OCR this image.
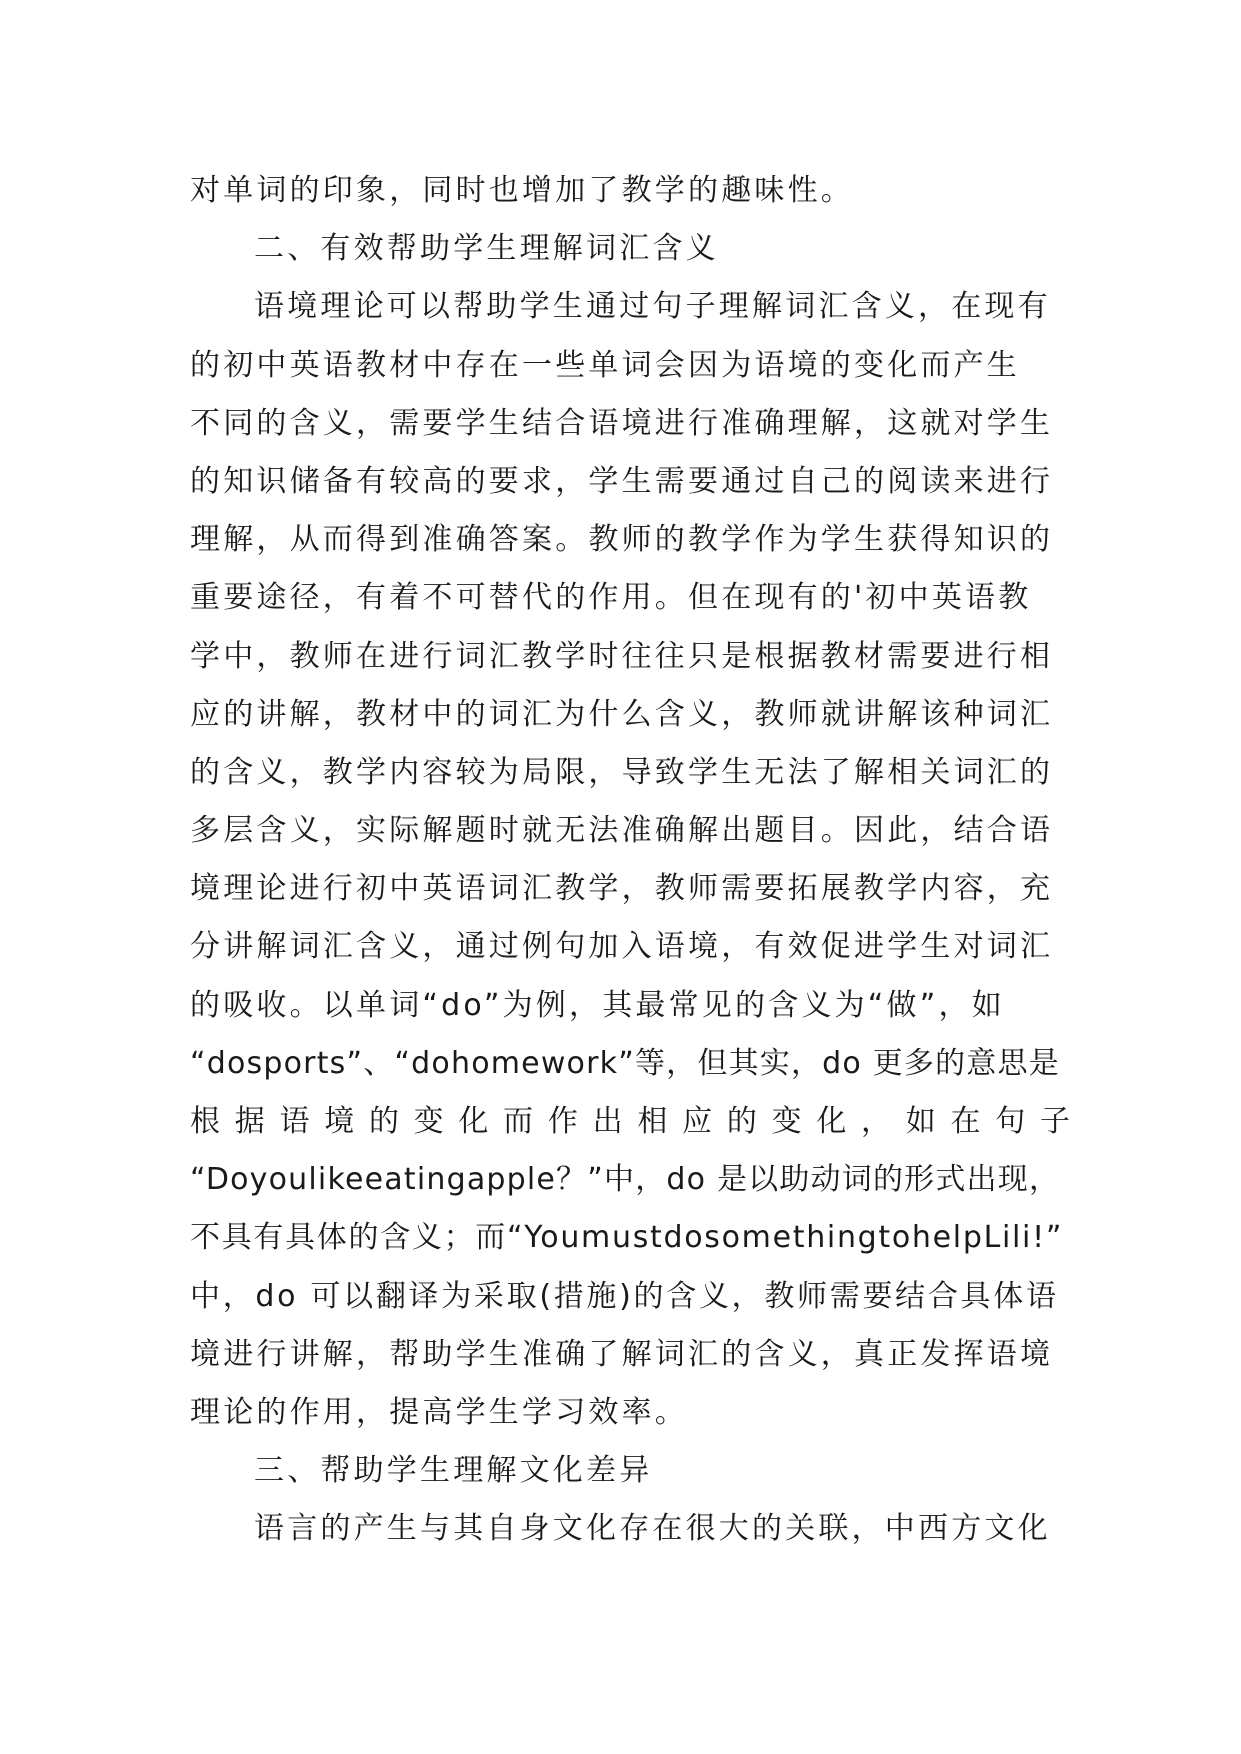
对单词的印象，同时也增加了教学的趣味性。
二、有效帮助学生理解词汇含义
语境理论可以帮助学生通过句子理解词汇含义，在现有
的初中英语教材中存在一些单词会因为语境的变化而产生
不同的含义，需要学生结合语境进行准确理解，这就对学生
的知识储备有较高的要求，学生需要通过自己的阅读来进行
理解，从而得到准确答案。教师的教学作为学生获得知识的
重要途径，有着不可替代的作用。但在现有的'初中英语教
学中，教师在进行词汇教学时往往只是根据教材需要进行相
应的讲解，教材中的词汇为什么含义，教师就讲解该种词汇
的含义，教学内容较为局限，导致学生无法了解相关词汇的
多层含义，实际解题时就无法准确解出题目。因此，结合语
境理论进行初中英语词汇教学，教师需要拓展教学内容，充
分讲解词汇含义，通过例句加入语境，有效促进学生对词汇
的吸收。以单词“do”为例，其最常见的含义为“做”，如
“dosports”、“dohomework”等，但其实，do 更多的意思是
根据语境的变化而作出相应的变化，如在句子
“Doyoulikeeatingapple？”中，do 是以助动词的形式出现，
不具有具体的含义；而“YoumustdosomethingtohelpLili!”
中，do 可以翻译为采取(措施)的含义，教师需要结合具体语
境进行讲解，帮助学生准确了解词汇的含义，真正发挥语境
理论的作用，提高学生学习效率。
三、帮助学生理解文化差异
语言的产生与其自身文化存在很大的关联，中西方文化
